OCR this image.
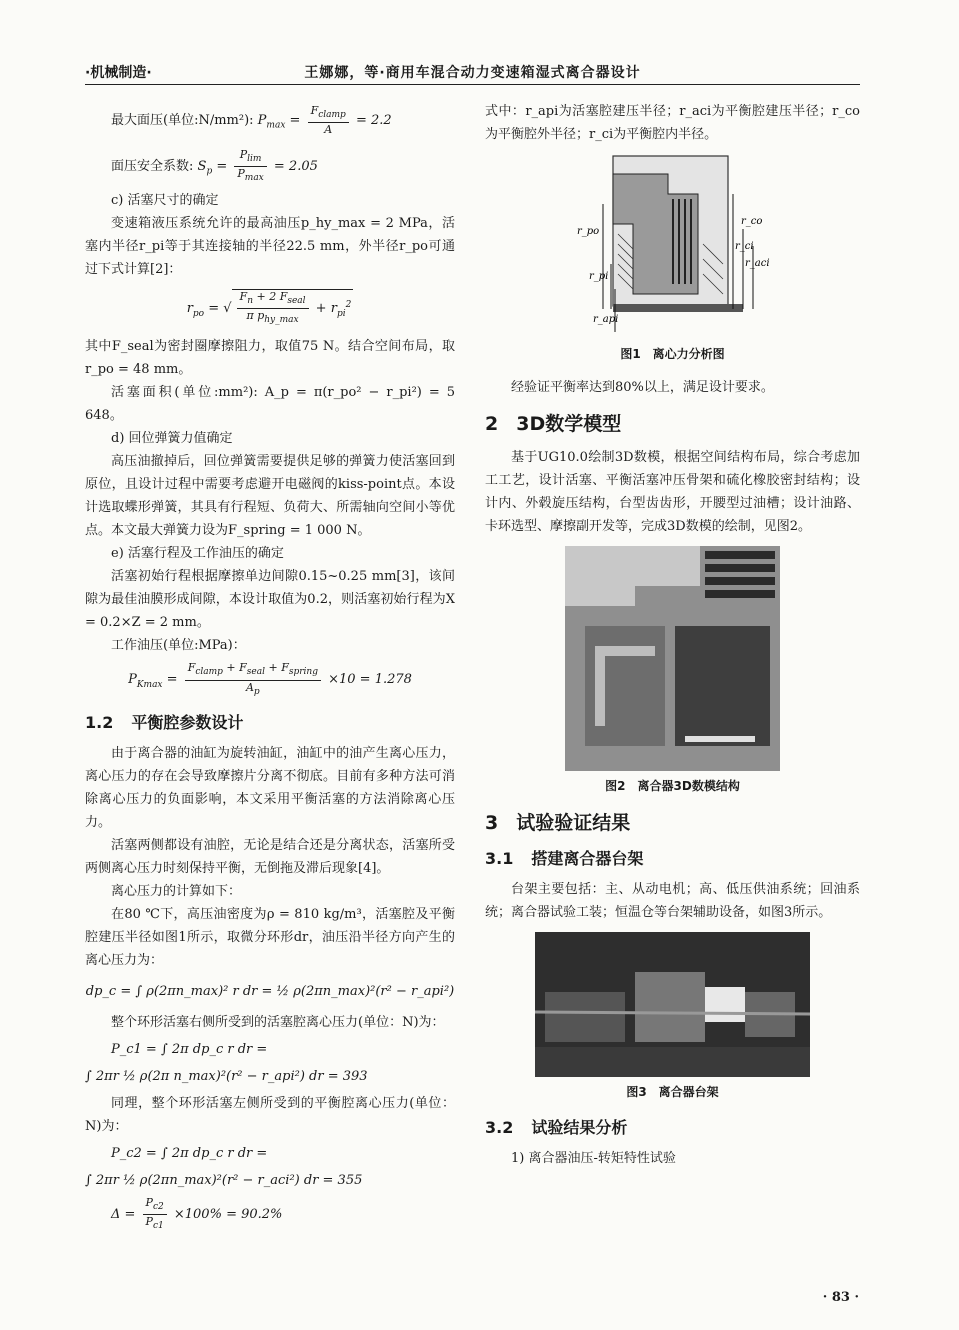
·机械制造·	王娜娜，等·商用车混合动力变速箱湿式离合器设计
最大面压(单位:N/mm²): $P_{max} = \frac{F_{clamp}}{A} = 2.2$
面压安全系数: $S_p = \frac{P_{lim}}{P_{max}} = 2.05$

c) 活塞尺寸的确定

变速箱液压系统允许的最高油压p_hy_max = 2 MPa，活塞内半径r_pi等于其连接轴的半径22.5 mm，外半径r_po可通过下式计算[2]：

$r_{po}$ = √ $\frac{F_n + 2 F_{seal}}{\pi p_{hy\_max}} + r_{pi}^2$

其中F_seal为密封圈摩擦阻力，取值75 N。结合空间布局，取r_po = 48 mm。

活塞面积(单位:mm²): A_p = π(r_po² − r_pi²) = 5 648。

d) 回位弹簧力值确定

高压油撤掉后，回位弹簧需要提供足够的弹簧力使活塞回到原位，且设计过程中需要考虑避开电磁阀的kiss-point点。本设计选取蝶形弹簧，其具有行程短、负荷大、所需轴向空间小等优点。本文最大弹簧力设为F_spring = 1 000 N。

e) 活塞行程及工作油压的确定

活塞初始行程根据摩擦单边间隙0.15~0.25 mm[3]，该间隙为最佳油膜形成间隙，本设计取值为0.2，则活塞初始行程为X = 0.2×Z = 2 mm。

工作油压(单位:MPa)：

$P_{Kmax} = \frac{F_{clamp} + F_{seal} + F_{spring}}{A_p} \times 10 = 1.278$
1.2 平衡腔参数设计

由于离合器的油缸为旋转油缸，油缸中的油产生离心压力，离心压力的存在会导致摩擦片分离不彻底。目前有多种方法可消除离心压力的负面影响，本文采用平衡活塞的方法消除离心压力。

活塞两侧都设有油腔，无论是结合还是分离状态，活塞所受两侧离心压力时刻保持平衡，无倒拖及滞后现象[4]。

离心压力的计算如下：

在80 ℃下，高压油密度为ρ = 810 kg/m³，活塞腔及平衡腔建压半径如图1所示，取微分环形dr，油压沿半径方向产生的离心压力为：

dp_c = ∫ ρ(2πn_max)² r dr = ½ ρ(2πn_max)²(r² − r_api²)

整个环形活塞右侧所受到的活塞腔离心压力(单位：N)为：

P_c1 = ∫ 2π dp_c r dr =
∫ 2πr ½ ρ(2π n_max)²(r² − r_api²) dr = 393

同理，整个环形活塞左侧所受到的平衡腔离心压力(单位：N)为：

P_c2 = ∫ 2π dp_c r dr =
∫ 2πr ½ ρ(2πn_max)²(r² − r_aci²) dr = 355
$\Delta = \frac{P_{c2}}{P_{c1}} \times 100\% = 90.2\%$

式中：r_api为活塞腔建压半径；r_aci为平衡腔建压半径；r_co为平衡腔外半径；r_ci为平衡腔内半径。

r_po
r_pi
r_api
r_co
r_ci
r_aci
图1 离心力分析图

经验证平衡率达到80%以上，满足设计要求。

2 3D数学模型

基于UG10.0绘制3D数模，根据空间结构布局，综合考虑加工工艺，设计活塞、平衡活塞冲压骨架和硫化橡胶密封结构；设计内、外毂旋压结构，台型齿齿形，开腰型过油槽；设计油路、卡环选型、摩擦副开发等，完成3D数模的绘制，见图2。

图2 离合器3D数模结构
3 试验验证结果
3.1 搭建离合器台架

台架主要包括：主、从动电机；高、低压供油系统；回油系统；离合器试验工装；恒温仓等台架辅助设备，如图3所示。

图3 离合器台架
3.2 试验结果分析

1) 离合器油压-转矩特性试验

· 83 ·
